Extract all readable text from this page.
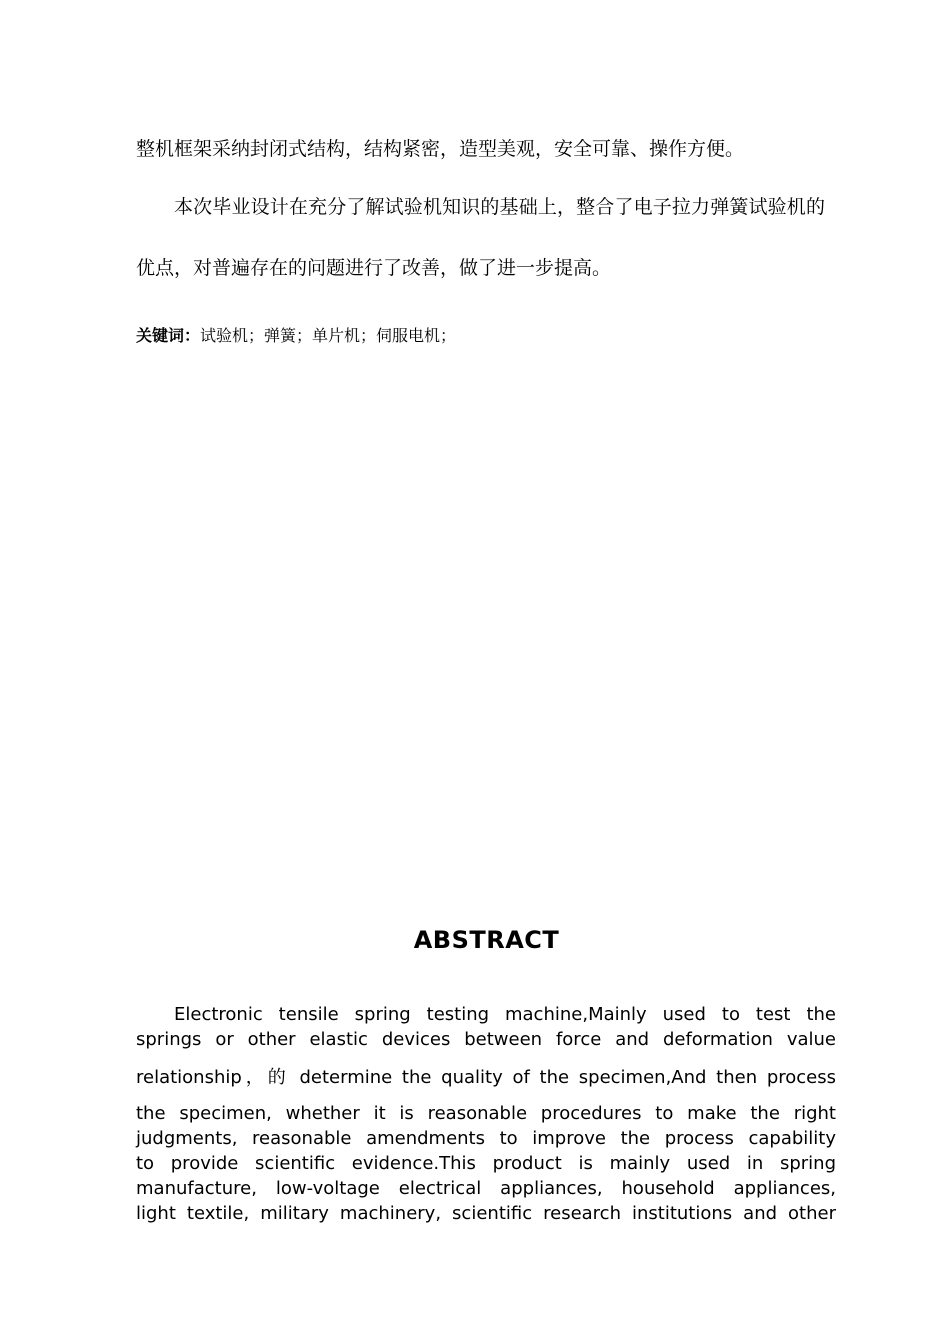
整机框架采纳封闭式结构，结构紧密，造型美观，安全可靠、操作方便。
本次毕业设计在充分了解试验机知识的基础上，整合了电子拉力弹簧试验机的
优点，对普遍存在的问题进行了改善，做了进一步提高。
关键词：试验机；弹簧；单片机；伺服电机；
ABSTRACT
Electronic tensile spring testing machine,Mainly used to test the
springs or other elastic devices between force and deformation value
relationship，的 determine the quality of the specimen,And then process
the specimen, whether it is reasonable procedures to make the right
judgments, reasonable amendments to improve the process capability
to provide scientific evidence.This product is mainly used in spring
manufacture, low-voltage electrical appliances, household appliances,
light textile, military machinery, scientific research institutions and other
